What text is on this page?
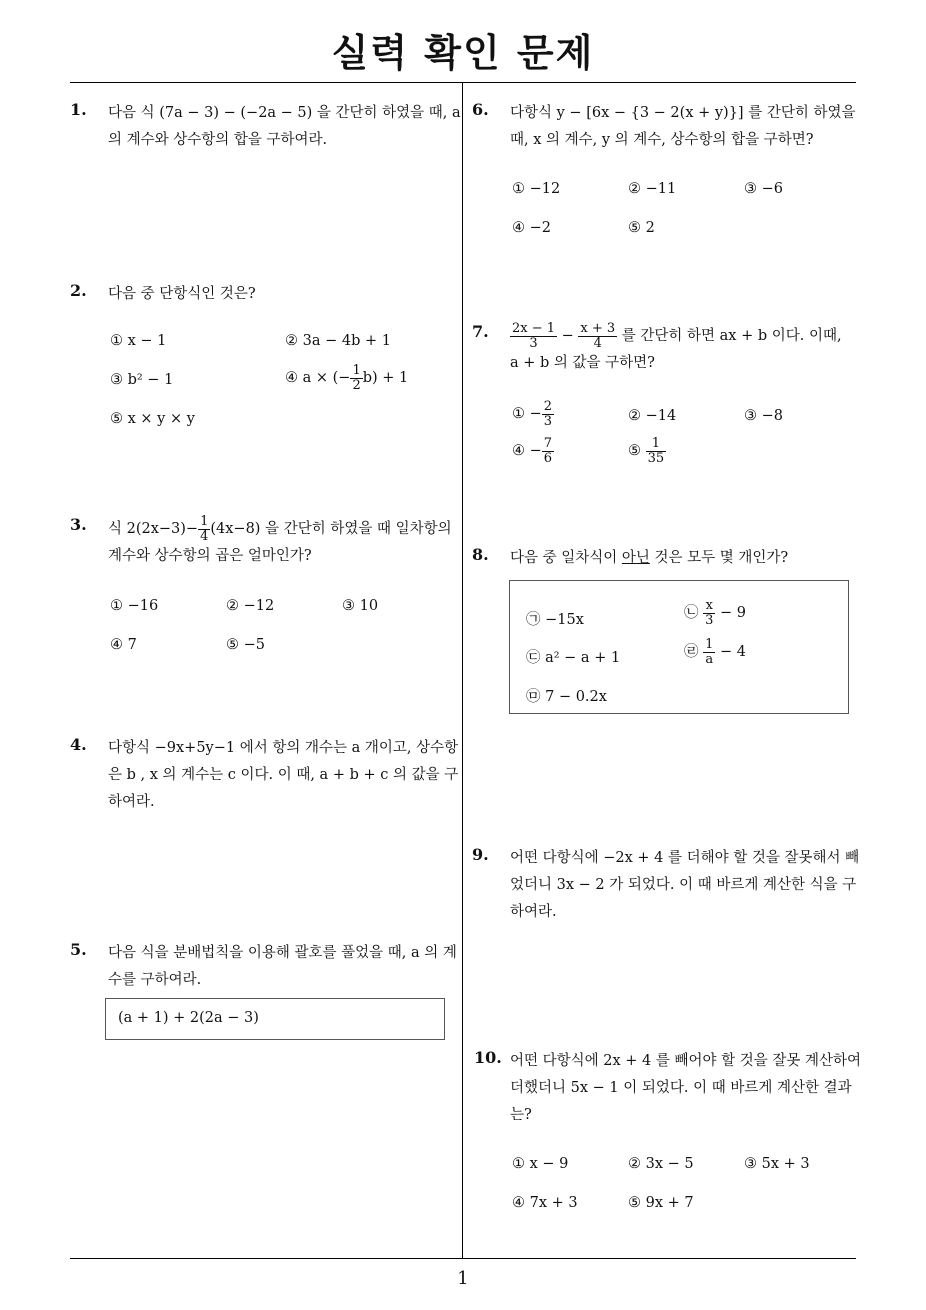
실력 확인 문제
1
1. 다음 식 (7a − 3) − (−2a − 5) 을 간단히 하였을 때, a 의 계수와 상수항의 합을 구하여라.
2. 다음 중 단항식인 것은?
① x − 1	② 3a − 4b + 1
③ b² − 1	④ a × (− $\frac{1}{2} b) + 1$
⑤ x × y × y
3. 식 $2(2x-3)- \frac{1}{4} (4x-8)$ 을 간단히 하였을 때 일차항의 계수와 상수항의 곱은 얼마인가?
① −16	② −12	③ 10
④ 7	⑤ −5
4. 다항식 −9x+5y−1 에서 항의 개수는 a 개이고, 상수항은 b , x 의 계수는 c 이다. 이 때, a + b + c 의 값을 구하여라.
5. 다음 식을 분배법칙을 이용해 괄호를 풀었을 때, a 의 계수를 구하여라.
(a + 1) + 2(2a − 3)
6. 다항식 y − [6x − {3 − 2(x + y)}] 를 간단히 하였을 때, x 의 계수, y 의 계수, 상수항의 합을 구하면?
① −12	② −11	③ −6
④ −2	⑤ 2
7. $\frac{2x - 1}{3} - \frac{x + 3}{4}$ 를 간단히 하면 ax + b 이다. 이때,
a + b 의 값을 구하면?
① − $\frac{2}{3}$	② −14	③ −8
④ − $\frac{7}{6}$	⑤ $\frac{1}{35}$
8. 다음 중 일차식이 아닌 것은 모두 몇 개인가?
㉠ −15x	㉡ $\frac{x}{3} - 9$
㉢ a² − a + 1	㉣ $\frac{1}{a} - 4$
㉤ 7 − 0.2x
9. 어떤 다항식에 −2x + 4 를 더해야 할 것을 잘못해서 빼었더니 3x − 2 가 되었다. 이 때 바르게 계산한 식을 구하여라.
10. 어떤 다항식에 2x + 4 를 빼어야 할 것을 잘못 계산하여 더했더니 5x − 1 이 되었다. 이 때 바르게 계산한 결과는?
① x − 9	② 3x − 5	③ 5x + 3
④ 7x + 3	⑤ 9x + 7
